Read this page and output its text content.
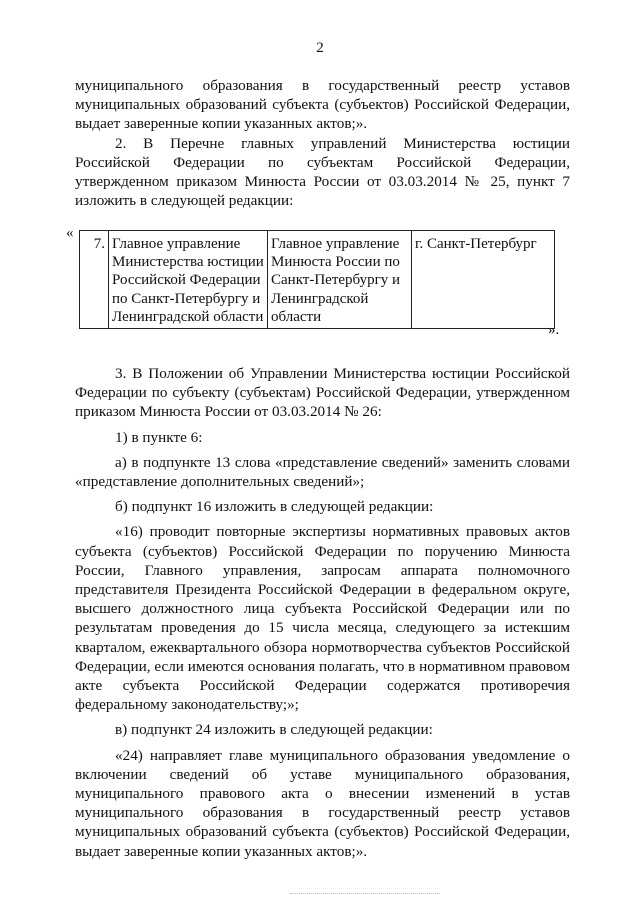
2

муниципального образования в государственный реестр уставов муниципальных образований субъекта (субъектов) Российской Федерации, выдает заверенные копии указанных актов;».

2. В Перечне главных управлений Министерства юстиции Российской Федерации по субъектам Российской Федерации, утвержденном приказом Минюста России от 03.03.2014 № 25, пункт 7 изложить в следующей редакции:

«
7.	Главное управление Министерства юстиции Российской Федерации по Санкт-Петербургу и Ленинградской области	Главное управление Минюста России по Санкт-Петербургу и Ленинградской области	г. Санкт-Петербург
».

3. В Положении об Управлении Министерства юстиции Российской Федерации по субъекту (субъектам) Российской Федерации, утвержденном приказом Минюста России от 03.03.2014 № 26:

1) в пункте 6:

а) в подпункте 13 слова «представление сведений» заменить словами «представление дополнительных сведений»;

б) подпункт 16 изложить в следующей редакции:

«16) проводит повторные экспертизы нормативных правовых актов субъекта (субъектов) Российской Федерации по поручению Минюста России, Главного управления, запросам аппарата полномочного представителя Президента Российской Федерации в федеральном округе, высшего должностного лица субъекта Российской Федерации или по результатам проведения до 15 числа месяца, следующего за истекшим кварталом, ежеквартального обзора нормотворчества субъектов Российской Федерации, если имеются основания полагать, что в нормативном правовом акте субъекта Российской Федерации содержатся противоречия федеральному законодательству;»;

в) подпункт 24 изложить в следующей редакции:

«24) направляет главе муниципального образования уведомление о включении сведений об уставе муниципального образования, муниципального правового акта о внесении изменений в устав муниципального образования в государственный реестр уставов муниципальных образований субъекта (субъектов) Российской Федерации, выдает заверенные копии указанных актов;».
